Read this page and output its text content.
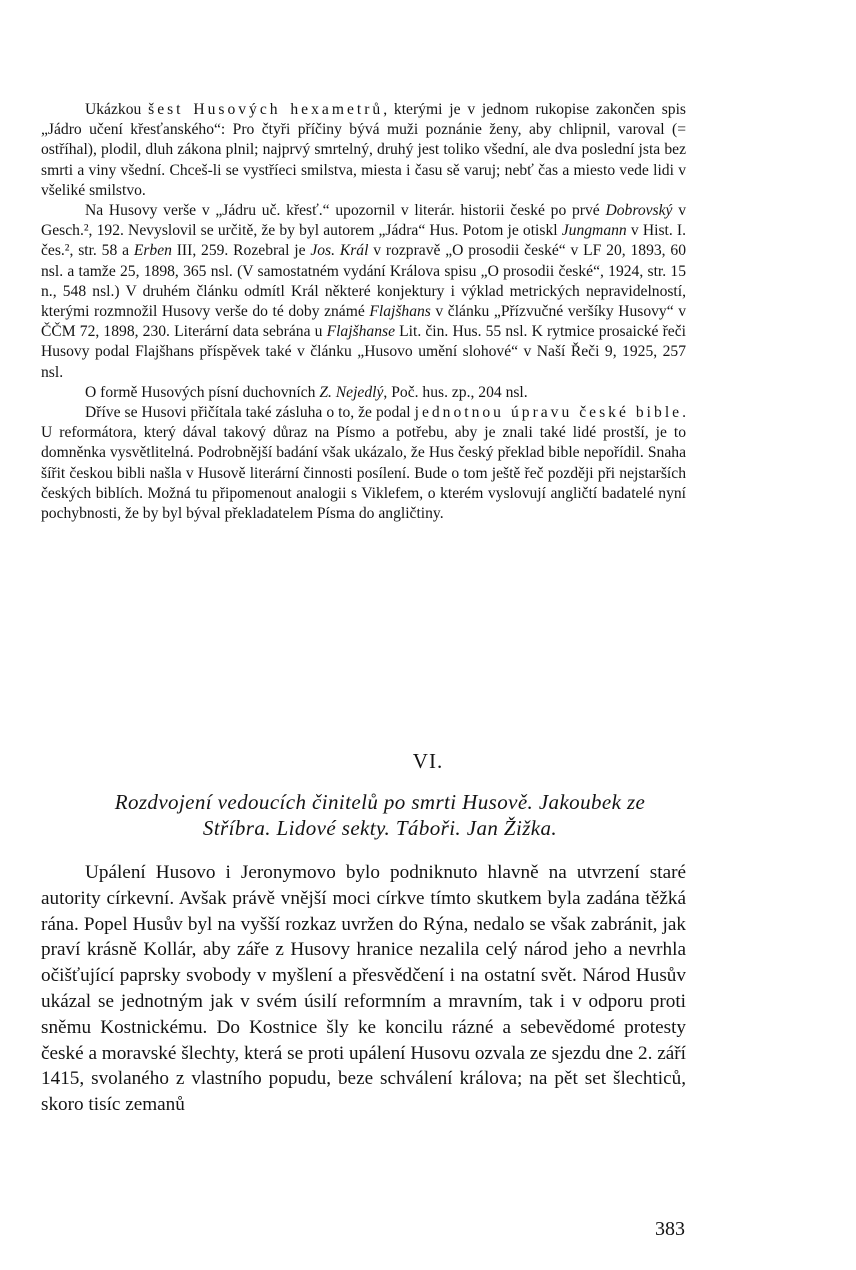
Ukázkou šest Husových hexametrů, kterými je v jednom rukopise zakončen spis „Jádro učení křesťanského“: Pro čtyři příčiny bývá muži poznánie ženy, aby chlipnil, varoval (= ostříhal), plodil, dluh zákona plnil; najprvý smrtelný, druhý jest toliko všední, ale dva poslední jsta bez smrti a viny všední. Chceš-li se vystříeci smilstva, miesta i času sě varuj; nebť čas a miesto vede lidi v všeliké smilstvo.

Na Husovy verše v „Jádru uč. křesť.“ upozornil v literár. historii české po prvé Dobrovský v Gesch.², 192. Nevyslovil se určitě, že by byl autorem „Jádra“ Hus. Potom je otiskl Jungmann v Hist. I. čes.², str. 58 a Erben III, 259. Rozebral je Jos. Král v rozpravě „O prosodii české“ v LF 20, 1893, 60 nsl. a tamže 25, 1898, 365 nsl. (V samostatném vydání Králova spisu „O prosodii české“, 1924, str. 15 n., 548 nsl.) V druhém článku odmítl Král některé konjektury i výklad metrických nepravidelností, kterými rozmnožil Husovy verše do té doby známé Flajšhans v článku „Přízvučné veršíky Husovy“ v ČČM 72, 1898, 230. Literární data sebrána u Flajšhanse Lit. čin. Hus. 55 nsl. K rytmice prosaické řeči Husovy podal Flajšhans příspěvek také v článku „Husovo umění slohové“ v Naší Řeči 9, 1925, 257 nsl.

O formě Husových písní duchovních Z. Nejedlý, Poč. hus. zp., 204 nsl.

Dříve se Husovi přičítala také zásluha o to, že podal jednotnou úpravu české bible. U reformátora, který dával takový důraz na Písmo a potřebu, aby je znali také lidé prostší, je to domněnka vysvětlitelná. Podrobnější badání však ukázalo, že Hus český překlad bible nepořídil. Snaha šířit českou bibli našla v Husově literární činnosti posílení. Bude o tom ještě řeč později při nejstarších českých biblích. Možná tu připomenout analogii s Viklefem, o kterém vyslovují angličtí badatelé nyní pochybnosti, že by byl býval překladatelem Písma do angličtiny.

VI.
Rozdvojení vedoucích činitelů po smrti Husově. Jakoubek ze
Stříbra. Lidové sekty. Táboři. Jan Žižka.

Upálení Husovo i Jeronymovo bylo podniknuto hlavně na utvrzení staré autority církevní. Avšak právě vnější moci církve tímto skutkem byla zadána těžká rána. Popel Husův byl na vyšší rozkaz uvržen do Rýna, nedalo se však zabránit, jak praví krásně Kollár, aby záře z Husovy hranice nezalila celý národ jeho a nevrhla očišťující paprsky svobody v myšlení a přesvědčení i na ostatní svět. Národ Husův ukázal se jednotným jak v svém úsilí reformním a mravním, tak i v odporu proti sněmu Kostnickému. Do Kostnice šly ke koncilu rázné a sebevědomé protesty české a moravské šlechty, která se proti upálení Husovu ozvala ze sjezdu dne 2. září 1415, svolaného z vlastního popudu, beze schválení králova; na pět set šlechticů, skoro tisíc zemanů

383
